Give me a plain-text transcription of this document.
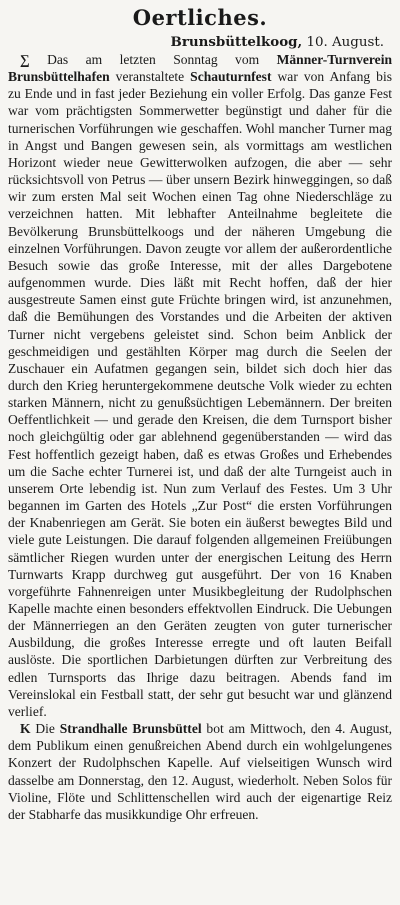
Oertliches.
Brunsbüttelkoog, 10. August.

∑ Das am letzten Sonntag vom Männer-Turnverein Brunsbüttelhafen veranstaltete Schauturnfest war von Anfang bis zu Ende und in fast jeder Beziehung ein voller Erfolg. Das ganze Fest war vom prächtigsten Sommerwetter begünstigt und daher für die turnerischen Vorführungen wie geschaffen. Wohl mancher Turner mag in Angst und Bangen gewesen sein, als vormittags am westlichen Horizont wieder neue Gewitterwolken aufzogen, die aber — sehr rücksichtsvoll von Petrus — über unsern Bezirk hinweggingen, so daß wir zum ersten Mal seit Wochen einen Tag ohne Niederschläge zu verzeichnen hatten. Mit lebhafter Anteilnahme begleitete die Bevölkerung Brunsbüttelkoogs und der näheren Umgebung die einzelnen Vorführungen. Davon zeugte vor allem der außerordentliche Besuch sowie das große Interesse, mit der alles Dargebotene aufgenommen wurde. Dies läßt mit Recht hoffen, daß der hier ausgestreute Samen einst gute Früchte bringen wird, ist anzunehmen, daß die Bemühungen des Vorstandes und die Arbeiten der aktiven Turner nicht vergebens geleistet sind. Schon beim Anblick der geschmeidigen und gestählten Körper mag durch die Seelen der Zuschauer ein Aufatmen gegangen sein, bildet sich doch hier das durch den Krieg heruntergekommene deutsche Volk wieder zu echten starken Männern, nicht zu genußsüchtigen Lebemännern. Der breiten Oeffentlichkeit — und gerade den Kreisen, die dem Turnsport bisher noch gleichgültig oder gar ablehnend gegenüberstanden — wird das Fest hoffentlich gezeigt haben, daß es etwas Großes und Erhebendes um die Sache echter Turnerei ist, und daß der alte Turngeist auch in unserem Orte lebendig ist. Nun zum Verlauf des Festes. Um 3 Uhr begannen im Garten des Hotels „Zur Post“ die ersten Vorführungen der Knabenriegen am Gerät. Sie boten ein äußerst bewegtes Bild und viele gute Leistungen. Die darauf folgenden allgemeinen Freiübungen sämtlicher Riegen wurden unter der energischen Leitung des Herrn Turnwarts Krapp durchweg gut ausgeführt. Der von 16 Knaben vorgeführte Fahnenreigen unter Musikbegleitung der Rudolphschen Kapelle machte einen besonders effektvollen Eindruck. Die Uebungen der Männerriegen an den Geräten zeugten von guter turnerischer Ausbildung, die großes Interesse erregte und oft lauten Beifall auslöste. Die sportlichen Darbietungen dürften zur Verbreitung des edlen Turnsports das Ihrige dazu beitragen. Abends fand im Vereinslokal ein Festball statt, der sehr gut besucht war und glänzend verlief.

K Die Strandhalle Brunsbüttel bot am Mittwoch, den 4. August, dem Publikum einen genußreichen Abend durch ein wohlgelungenes Konzert der Rudolphschen Kapelle. Auf vielseitigen Wunsch wird dasselbe am Donnerstag, den 12. August, wiederholt. Neben Solos für Violine, Flöte und Schlittenschellen wird auch der eigenartige Reiz der Stabharfe das musikkundige Ohr erfreuen.
